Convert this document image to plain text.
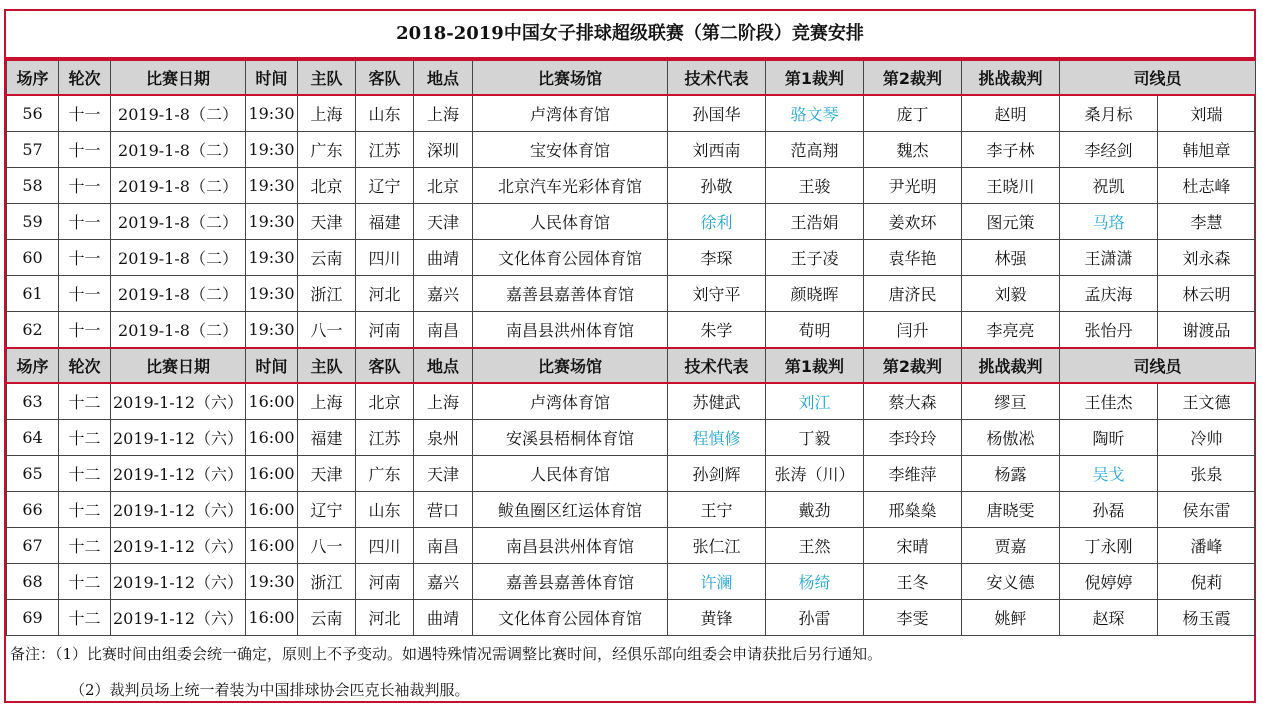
2018-2019中国女子排球超级联赛（第二阶段）竞赛安排
场序	轮次	比赛日期	时间	主队	客队	地点	比赛场馆	技术代表	第1裁判	第2裁判	挑战裁判	司线员	
56	十一	2019-1-8（二）	19:30	上海	山东	上海	卢湾体育馆	孙国华	骆文琴	庞丁	赵明	桑月标	刘瑞
57	十一	2019-1-8（二）	19:30	广东	江苏	深圳	宝安体育馆	刘西南	范高翔	魏杰	李子林	李经剑	韩旭章
58	十一	2019-1-8（二）	19:30	北京	辽宁	北京	北京汽车光彩体育馆	孙敬	王骏	尹光明	王晓川	祝凯	杜志峰
59	十一	2019-1-8（二）	19:30	天津	福建	天津	人民体育馆	徐利	王浩娟	姜欢环	图元策	马珞	李慧
60	十一	2019-1-8（二）	19:30	云南	四川	曲靖	文化体育公园体育馆	李琛	王子凌	袁华艳	林强	王潇潇	刘永森
61	十一	2019-1-8（二）	19:30	浙江	河北	嘉兴	嘉善县嘉善体育馆	刘守平	颜晓晖	唐济民	刘毅	孟庆海	林云明
62	十一	2019-1-8（二）	19:30	八一	河南	南昌	南昌县洪州体育馆	朱学	荀明	闫升	李亮亮	张怡丹	谢渡品
场序	轮次	比赛日期	时间	主队	客队	地点	比赛场馆	技术代表	第1裁判	第2裁判	挑战裁判	司线员	
63	十二	2019-1-12（六）	16:00	上海	北京	上海	卢湾体育馆	苏健武	刘江	蔡大森	缪亘	王佳杰	王文德
64	十二	2019-1-12（六）	16:00	福建	江苏	泉州	安溪县梧桐体育馆	程慎修	丁毅	李玲玲	杨傲凇	陶昕	冷帅
65	十二	2019-1-12（六）	16:00	天津	广东	天津	人民体育馆	孙剑辉	张涛（川）	李维萍	杨露	吴戈	张泉
66	十二	2019-1-12（六）	16:00	辽宁	山东	营口	鲅鱼圈区红运体育馆	王宁	戴劲	邢燊燊	唐晓雯	孙磊	侯东雷
67	十二	2019-1-12（六）	16:00	八一	四川	南昌	南昌县洪州体育馆	张仁江	王然	宋晴	贾嘉	丁永刚	潘峰
68	十二	2019-1-12（六）	19:30	浙江	河南	嘉兴	嘉善县嘉善体育馆	许澜	杨绮	王冬	安义德	倪婷婷	倪莉
69	十二	2019-1-12（六）	16:00	云南	河北	曲靖	文化体育公园体育馆	黄锋	孙雷	李雯	姚鲆	赵琛	杨玉霞
备注：（1）比赛时间由组委会统一确定，原则上不予变动。如遇特殊情况需调整比赛时间，经俱乐部向组委会申请获批后另行通知。
（2）裁判员场上统一着装为中国排球协会匹克长袖裁判服。
